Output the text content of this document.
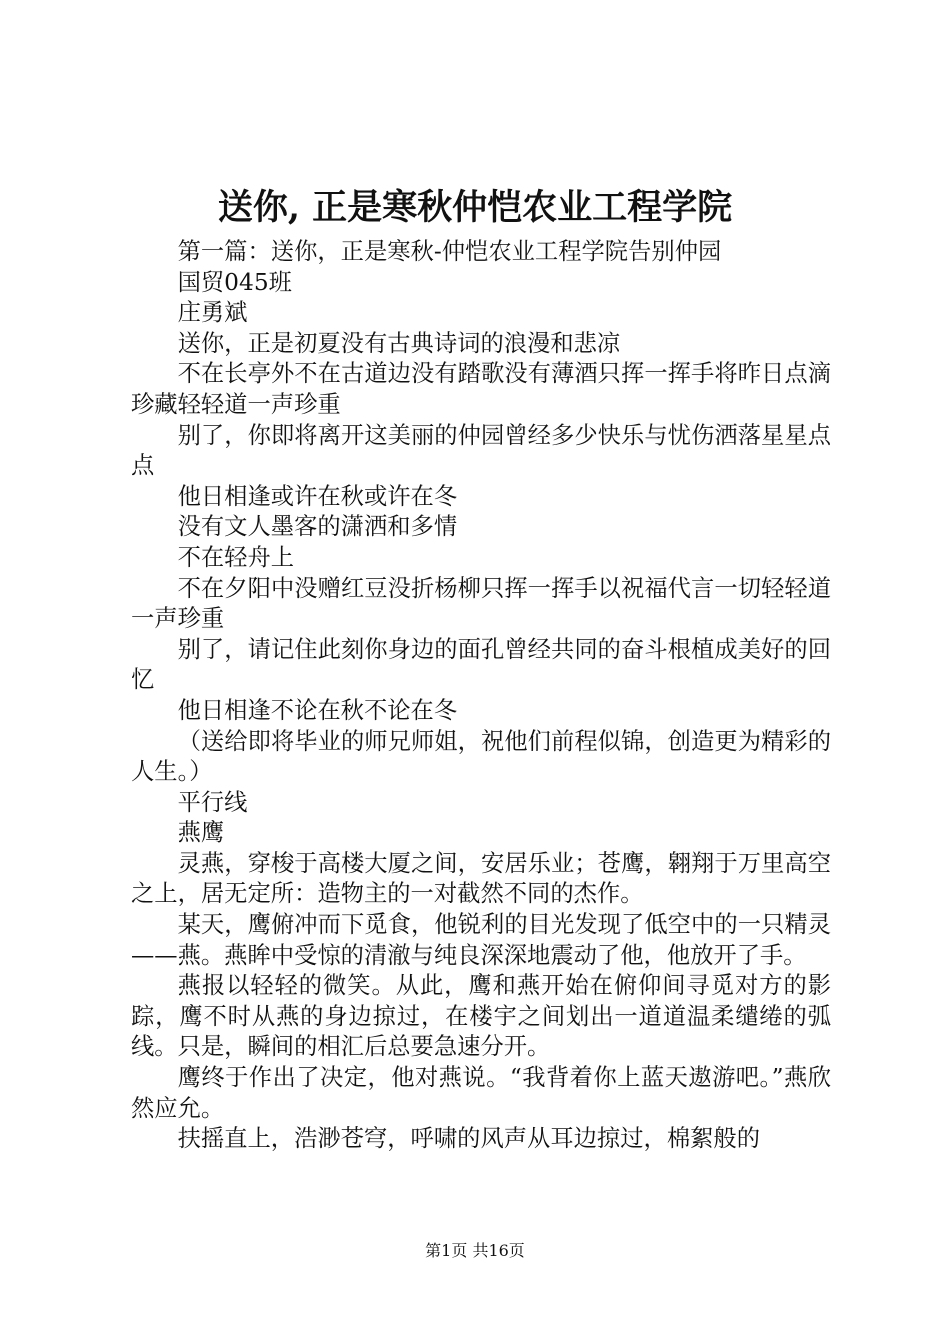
送你, 正是寒秋仲恺农业工程学院

第一篇：送你，正是寒秋-仲恺农业工程学院告别仲园

国贸045班

庄勇斌

送你，正是初夏没有古典诗词的浪漫和悲凉

不在长亭外不在古道边没有踏歌没有薄酒只挥一挥手将昨日点滴珍藏轻轻道一声珍重

别了，你即将离开这美丽的仲园曾经多少快乐与忧伤洒落星星点点

他日相逢或许在秋或许在冬

没有文人墨客的潇洒和多情

不在轻舟上

不在夕阳中没赠红豆没折杨柳只挥一挥手以祝福代言一切轻轻道一声珍重

别了，请记住此刻你身边的面孔曾经共同的奋斗根植成美好的回忆

他日相逢不论在秋不论在冬

（送给即将毕业的师兄师姐，祝他们前程似锦，创造更为精彩的人生。）

平行线

燕鹰

灵燕，穿梭于高楼大厦之间，安居乐业；苍鹰，翱翔于万里高空之上，居无定所：造物主的一对截然不同的杰作。

某天，鹰俯冲而下觅食，他锐利的目光发现了低空中的一只精灵——燕。燕眸中受惊的清澈与纯良深深地震动了他，他放开了手。

燕报以轻轻的微笑。从此，鹰和燕开始在俯仰间寻觅对方的影踪，鹰不时从燕的身边掠过，在楼宇之间划出一道道温柔缱绻的弧线。只是，瞬间的相汇后总要急速分开。

鹰终于作出了决定，他对燕说。“我背着你上蓝天遨游吧。”燕欣然应允。

扶摇直上，浩渺苍穹，呼啸的风声从耳边掠过，棉絮般的

第1页 共16页
